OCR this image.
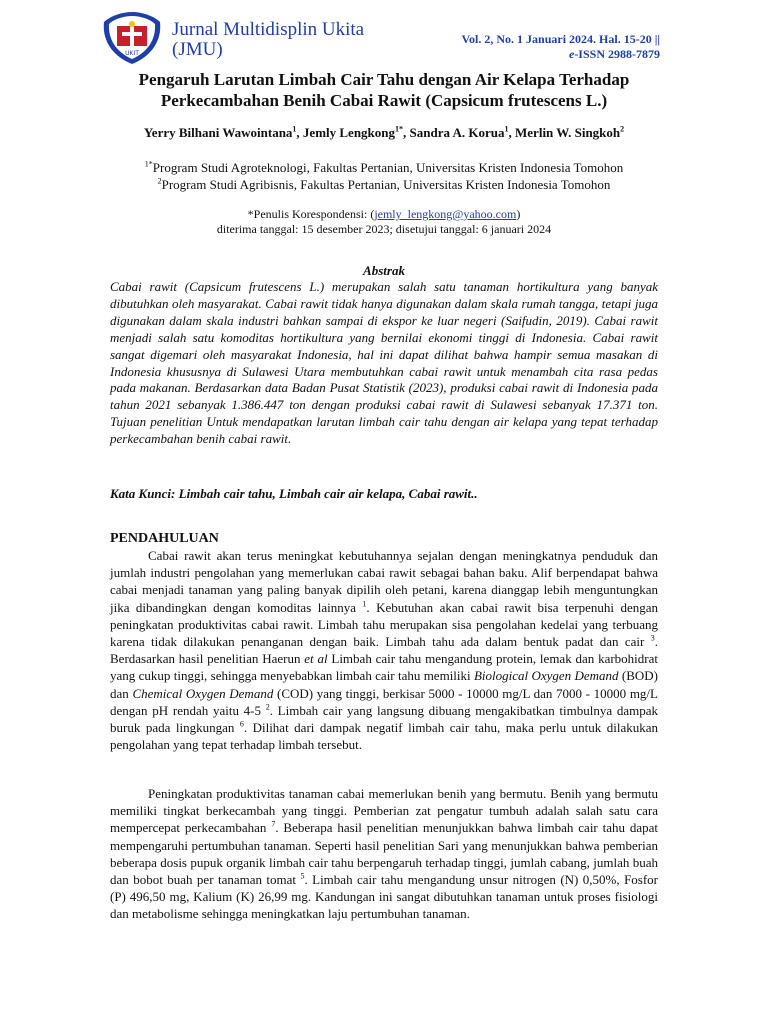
UKIT
Jurnal Multidisplin Ukita
(JMU)	Vol. 2, No. 1 Januari 2024. Hal. 15-20 ||
e-ISSN 2988-7879
Pengaruh Larutan Limbah Cair Tahu dengan Air Kelapa Terhadap
Perkecambahan Benih Cabai Rawit (Capsicum frutescens L.)
Yerry Bilhani Wawointana$^1$, Jemly Lengkong$^{1*}$, Sandra A. Korua$^1$, Merlin W. Singkoh$^2$
$^{1*}$Program Studi Agroteknologi, Fakultas Pertanian, Universitas Kristen Indonesia Tomohon
$^2$Program Studi Agribisnis, Fakultas Pertanian, Universitas Kristen Indonesia Tomohon
*Penulis Korespondensi: (jemly_lengkong@yahoo.com)
diterima tanggal: 15 desember 2023; disetujui tanggal: 6 januari 2024
Abstrak

Cabai rawit (Capsicum frutescens L.) merupakan salah satu tanaman hortikultura yang banyak dibutuhkan oleh masyarakat. Cabai rawit tidak hanya digunakan dalam skala rumah tangga, tetapi juga digunakan dalam skala industri bahkan sampai di ekspor ke luar negeri (Saifudin, 2019). Cabai rawit menjadi salah satu komoditas hortikultura yang bernilai ekonomi tinggi di Indonesia. Cabai rawit sangat digemari oleh masyarakat Indonesia, hal ini dapat dilihat bahwa hampir semua masakan di Indonesia khususnya di Sulawesi Utara membutuhkan cabai rawit untuk menambah cita rasa pedas pada makanan. Berdasarkan data Badan Pusat Statistik (2023), produksi cabai rawit di Indonesia pada tahun 2021 sebanyak 1.386.447 ton dengan produksi cabai rawit di Sulawesi sebanyak 17.371 ton. Tujuan penelitian Untuk mendapatkan larutan limbah cair tahu dengan air kelapa yang tepat terhadap perkecambahan benih cabai rawit.

Kata Kunci: Limbah cair tahu, Limbah cair air kelapa, Cabai rawit..
PENDAHULUAN

Cabai rawit akan terus meningkat kebutuhannya sejalan dengan meningkatnya penduduk dan jumlah industri pengolahan yang memerlukan cabai rawit sebagai bahan baku. Alif berpendapat bahwa cabai menjadi tanaman yang paling banyak dipilih oleh petani, karena dianggap lebih menguntungkan jika dibandingkan dengan komoditas lainnya $^1$. Kebutuhan akan cabai rawit bisa terpenuhi dengan peningkatan produktivitas cabai rawit. Limbah tahu merupakan sisa pengolahan kedelai yang terbuang karena tidak dilakukan penanganan dengan baik. Limbah tahu ada dalam bentuk padat dan cair $^3$. Berdasarkan hasil penelitian Haerun et al Limbah cair tahu mengandung protein, lemak dan karbohidrat yang cukup tinggi, sehingga menyebabkan limbah cair tahu memiliki Biological Oxygen Demand (BOD) dan Chemical Oxygen Demand (COD) yang tinggi, berkisar 5000 - 10000 mg/L dan 7000 - 10000 mg/L dengan pH rendah yaitu 4-5 $^2$. Limbah cair yang langsung dibuang mengakibatkan timbulnya dampak buruk pada lingkungan $^6$. Dilihat dari dampak negatif limbah cair tahu, maka perlu untuk dilakukan pengolahan yang tepat terhadap limbah tersebut.

Peningkatan produktivitas tanaman cabai memerlukan benih yang bermutu. Benih yang bermutu memiliki tingkat berkecambah yang tinggi. Pemberian zat pengatur tumbuh adalah salah satu cara mempercepat perkecambahan $^7$. Beberapa hasil penelitian menunjukkan bahwa limbah cair tahu dapat mempengaruhi pertumbuhan tanaman. Seperti hasil penelitian Sari yang menunjukkan bahwa pemberian beberapa dosis pupuk organik limbah cair tahu berpengaruh terhadap tinggi, jumlah cabang, jumlah buah dan bobot buah per tanaman tomat $^5$. Limbah cair tahu mengandung unsur nitrogen (N) 0,50%, Fosfor (P) 496,50 mg, Kalium (K) 26,99 mg. Kandungan ini sangat dibutuhkan tanaman untuk proses fisiologi dan metabolisme sehingga meningkatkan laju pertumbuhan tanaman.
